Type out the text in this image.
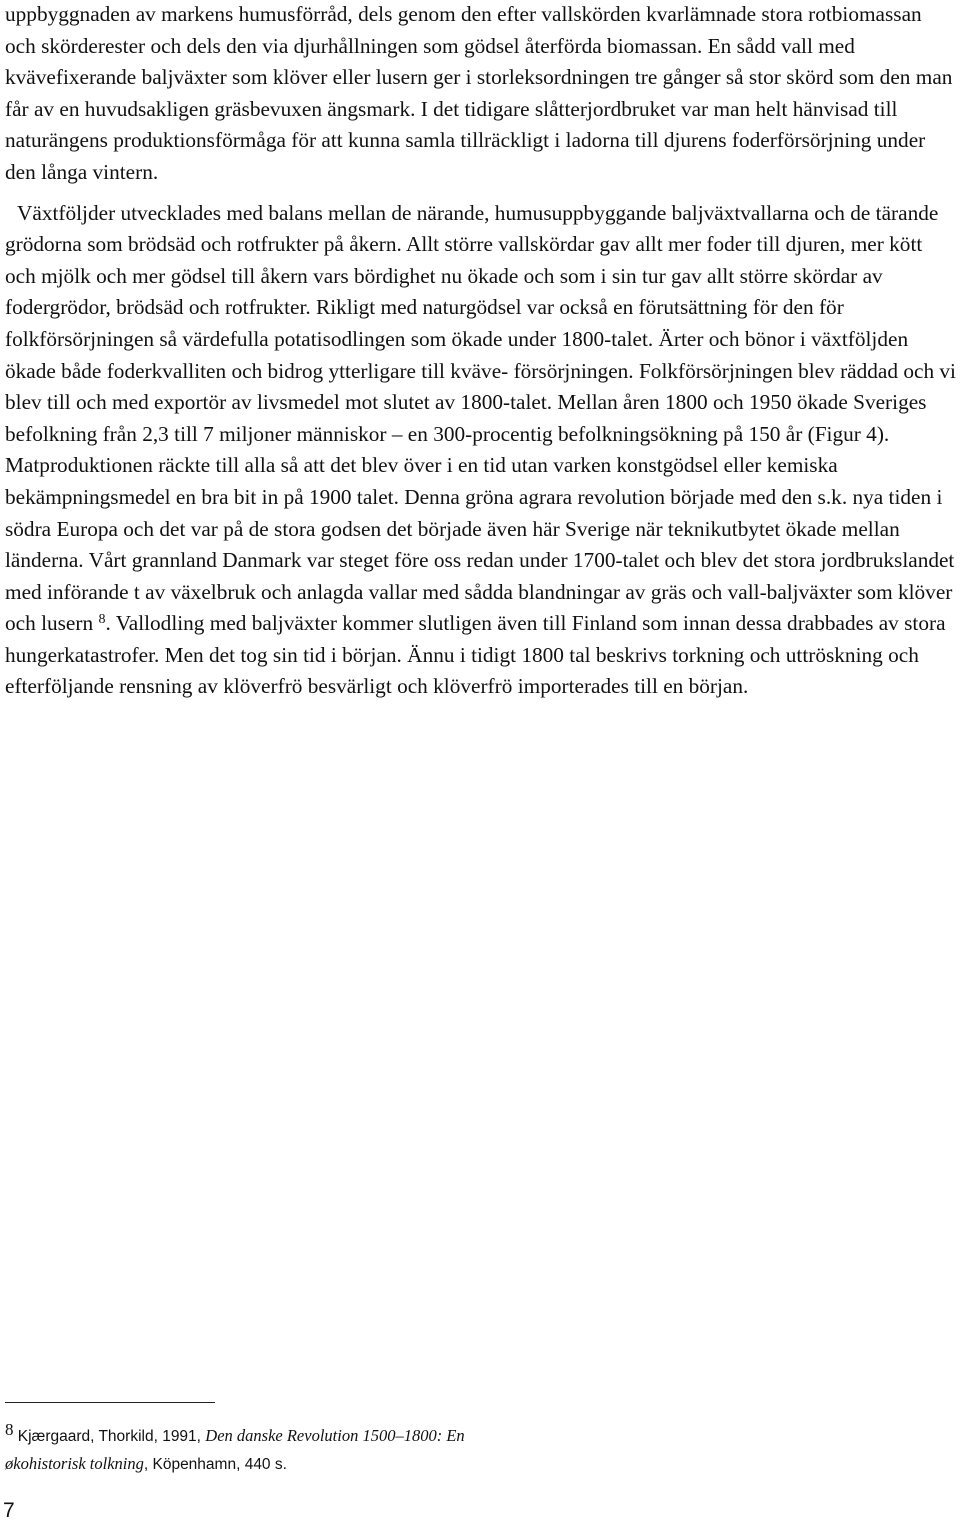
uppbyggnaden av markens humusförråd, dels genom den efter vallskörden kvarlämnade stora rotbiomassan och skörderester och dels den via djurhållningen som gödsel återförda biomassan. En sådd vall med kvävefixerande baljväxter som klöver eller lusern ger i storleksordningen tre gånger så stor skörd som den man får av en huvudsakligen gräsbevuxen ängsmark. I det tidigare slåtterjordbruket var man helt hänvisad till naturängens produktionsförmåga för att kunna samla tillräckligt i ladorna till djurens foderförsörjning under den långa vintern.

Växtföljder utvecklades med balans mellan de närande, humusuppbyggande baljväxtvallarna och de tärande grödorna som brödsäd och rotfrukter på åkern. Allt större vallskördar gav allt mer foder till djuren, mer kött och mjölk och mer gödsel till åkern vars bördighet nu ökade och som i sin tur gav allt större skördar av fodergrödor, brödsäd och rotfrukter. Rikligt med naturgödsel var också en förutsättning för den för folkförsörjningen så värdefulla potatisodlingen som ökade under 1800-talet. Ärter och bönor i växtföljden ökade både foderkvalliten och bidrog ytterligare till kväve- försörjningen. Folkförsörjningen blev räddad och vi blev till och med exportör av livsmedel mot slutet av 1800-talet. Mellan åren 1800 och 1950 ökade Sveriges befolkning från 2,3 till 7 miljoner människor – en 300-procentig befolkningsökning på 150 år (Figur 4). Matproduktionen räckte till alla så att det blev över i en tid utan varken konstgödsel eller kemiska bekämpningsmedel en bra bit in på 1900 talet. Denna gröna agrara revolution började med den s.k. nya tiden i södra Europa och det var på de stora godsen det började även här Sverige när teknikutbytet ökade mellan länderna. Vårt grannland Danmark var steget före oss redan under 1700-talet och blev det stora jordbrukslandet med införande t av växelbruk och anlagda vallar med sådda blandningar av gräs och vall-baljväxter som klöver och lusern $^8$. Vallodling med baljväxter kommer slutligen även till Finland som innan dessa drabbades av stora hungerkatastrofer. Men det tog sin tid i början. Ännu i tidigt 1800 tal beskrivs torkning och uttröskning och efterföljande rensning av klöverfrö besvärligt och klöverfrö importerades till en början.

8 Kjærgaard, Thorkild, 1991, Den danske Revolution 1500–1800: En økohistorisk tolkning, Köpenhamn, 440 s.
7
